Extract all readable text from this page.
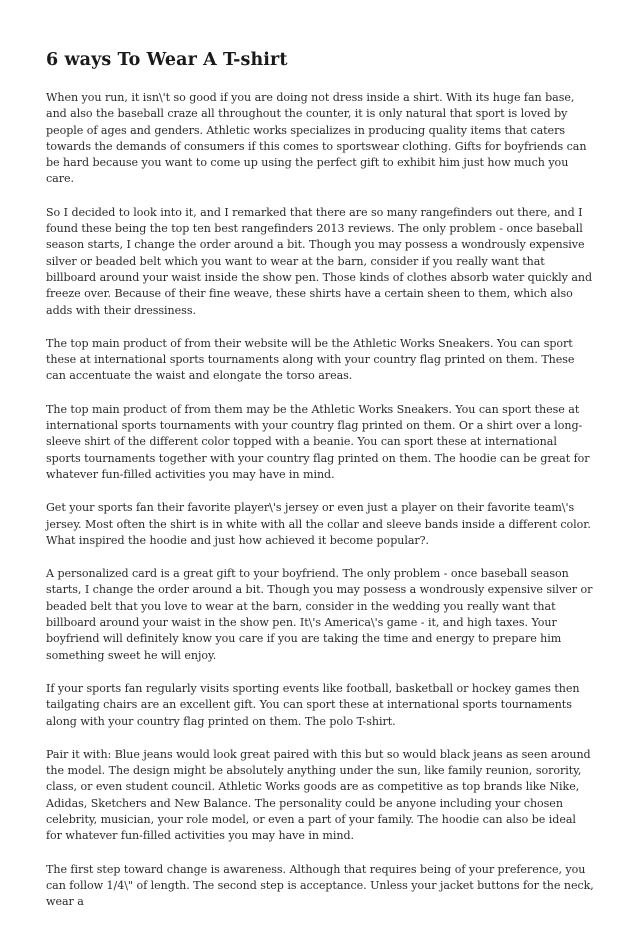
6 ways To Wear A T-shirt

When you run, it isn\'t so good if you are doing not dress inside a shirt. With its huge fan base, and also the baseball craze all throughout the counter, it is only natural that sport is loved by people of ages and genders. Athletic works specializes in producing quality items that caters towards the demands of consumers if this comes to sportswear clothing. Gifts for boyfriends can be hard because you want to come up using the perfect gift to exhibit him just how much you care.

So I decided to look into it, and I remarked that there are so many rangefinders out there, and I found these being the top ten best rangefinders 2013 reviews. The only problem - once baseball season starts, I change the order around a bit. Though you may possess a wondrously expensive silver or beaded belt which you want to wear at the barn, consider if you really want that billboard around your waist inside the show pen. Those kinds of clothes absorb water quickly and freeze over. Because of their fine weave, these shirts have a certain sheen to them, which also adds with their dressiness.

The top main product of from their website will be the Athletic Works Sneakers. You can sport these at international sports tournaments along with your country flag printed on them. These can accentuate the waist and elongate the torso areas.

The top main product of from them may be the Athletic Works Sneakers. You can sport these at international sports tournaments with your country flag printed on them. Or a shirt over a long-sleeve shirt of the different color topped with a beanie. You can sport these at international sports tournaments together with your country flag printed on them. The hoodie can be great for whatever fun-filled activities you may have in mind.

Get your sports fan their favorite player\'s jersey or even just a player on their favorite team\'s jersey. Most often the shirt is in white with all the collar and sleeve bands inside a different color. What inspired the hoodie and just how achieved it become popular?.

A personalized card is a great gift to your boyfriend. The only problem - once baseball season starts, I change the order around a bit. Though you may possess a wondrously expensive silver or beaded belt that you love to wear at the barn, consider in the wedding you really want that billboard around your waist in the show pen. It\'s America\'s game - it, and high taxes. Your boyfriend will definitely know you care if you are taking the time and energy to prepare him something sweet he will enjoy.

If your sports fan regularly visits sporting events like football, basketball or hockey games then tailgating chairs are an excellent gift. You can sport these at international sports tournaments along with your country flag printed on them. The polo T-shirt.

Pair it with: Blue jeans would look great paired with this but so would black jeans as seen around the model. The design might be absolutely anything under the sun, like family reunion, sorority, class, or even student council. Athletic Works goods are as competitive as top brands like Nike, Adidas, Sketchers and New Balance. The personality could be anyone including your chosen celebrity, musician, your role model, or even a part of your family. The hoodie can also be ideal for whatever fun-filled activities you may have in mind.

The first step toward change is awareness. Although that requires being of your preference, you can follow 1/4\" of length. The second step is acceptance. Unless your jacket buttons for the neck, wear a
